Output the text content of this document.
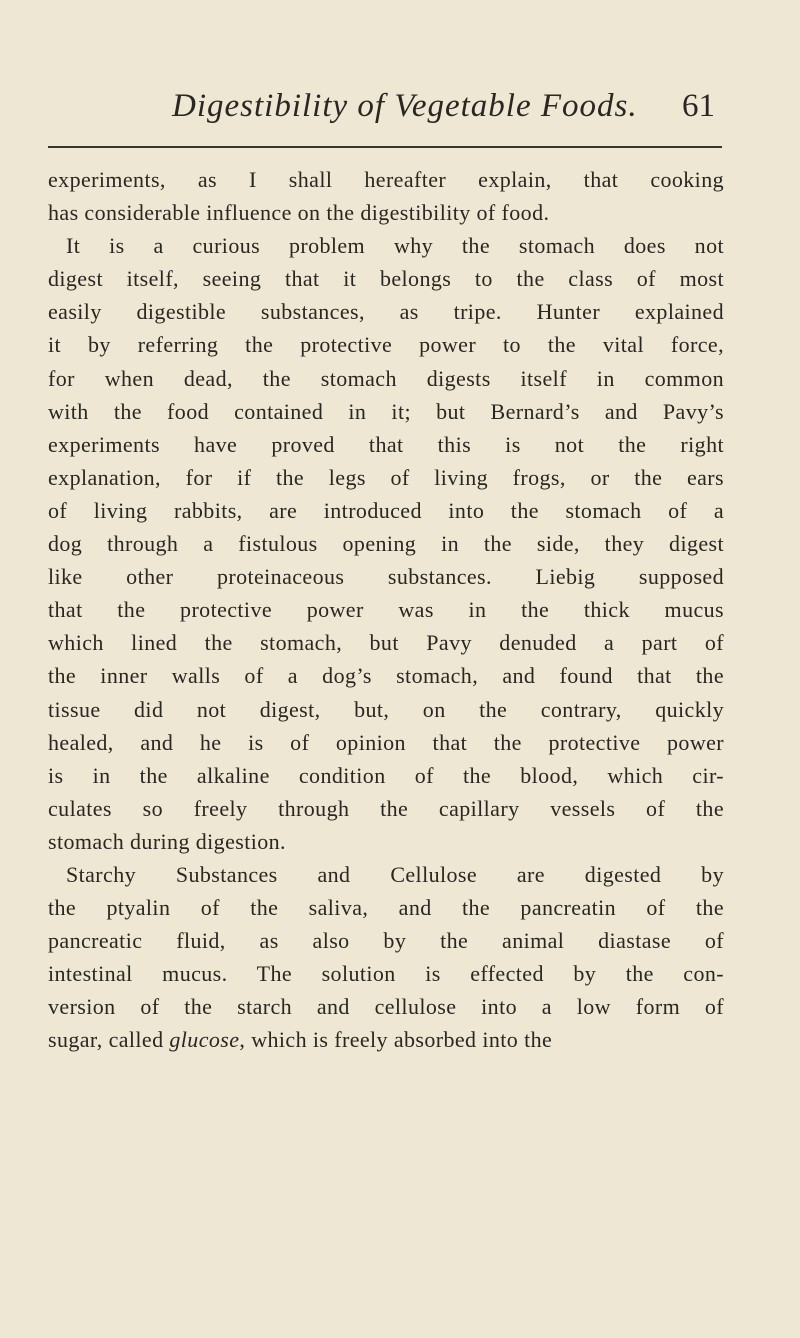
Digestibility of Vegetable Foods. 61
experiments, as I shall hereafter explain, that cooking
has considerable influence on the digestibility of food.
It is a curious problem why the stomach does not
digest itself, seeing that it belongs to the class of most
easily digestible substances, as tripe. Hunter explained
it by referring the protective power to the vital force,
for when dead, the stomach digests itself in common
with the food contained in it; but Bernard’s and Pavy’s
experiments have proved that this is not the right
explanation, for if the legs of living frogs, or the ears
of living rabbits, are introduced into the stomach of a
dog through a fistulous opening in the side, they digest
like other proteinaceous substances. Liebig supposed
that the protective power was in the thick mucus
which lined the stomach, but Pavy denuded a part of
the inner walls of a dog’s stomach, and found that the
tissue did not digest, but, on the contrary, quickly
healed, and he is of opinion that the protective power
is in the alkaline condition of the blood, which cir-
culates so freely through the capillary vessels of the
stomach during digestion.
Starchy Substances and Cellulose are digested by
the ptyalin of the saliva, and the pancreatin of the
pancreatic fluid, as also by the animal diastase of
intestinal mucus. The solution is effected by the con-
version of the starch and cellulose into a low form of
sugar, called glucose, which is freely absorbed into the
